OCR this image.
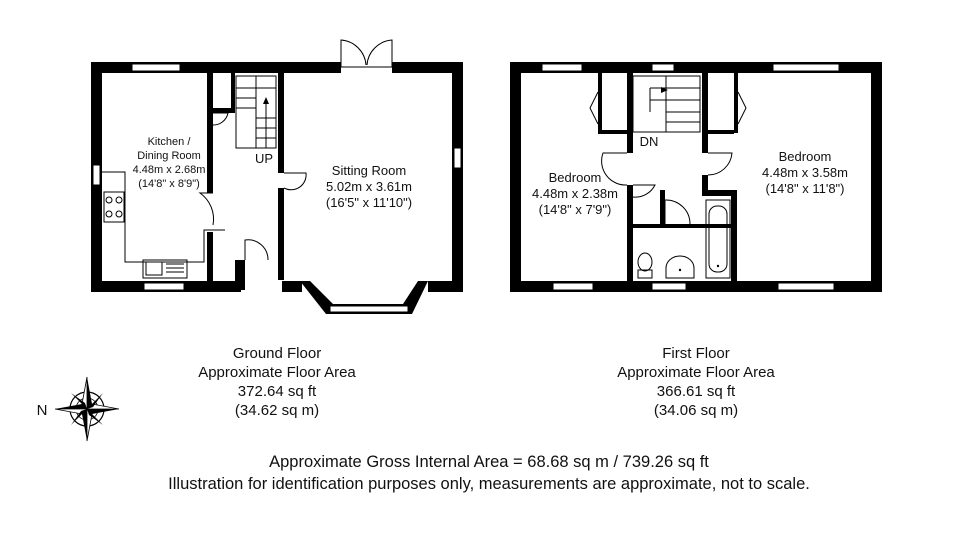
N
Kitchen /
Dining Room
4.48m x 2.68m
(14'8" x 8'9")
UP
Sitting Room
5.02m x 3.61m
(16'5" x 11'10")
DN
Bedroom
4.48m x 2.38m
(14'8" x 7'9")
Bedroom
4.48m x 3.58m
(14'8" x 11'8")
Ground Floor
Approximate Floor Area
372.64 sq ft
(34.62 sq m)
First Floor
Approximate Floor Area
366.61 sq ft
(34.06 sq m)
Approximate Gross Internal Area = 68.68 sq m / 739.26 sq ft
Illustration for identification purposes only, measurements are approximate, not to scale.
